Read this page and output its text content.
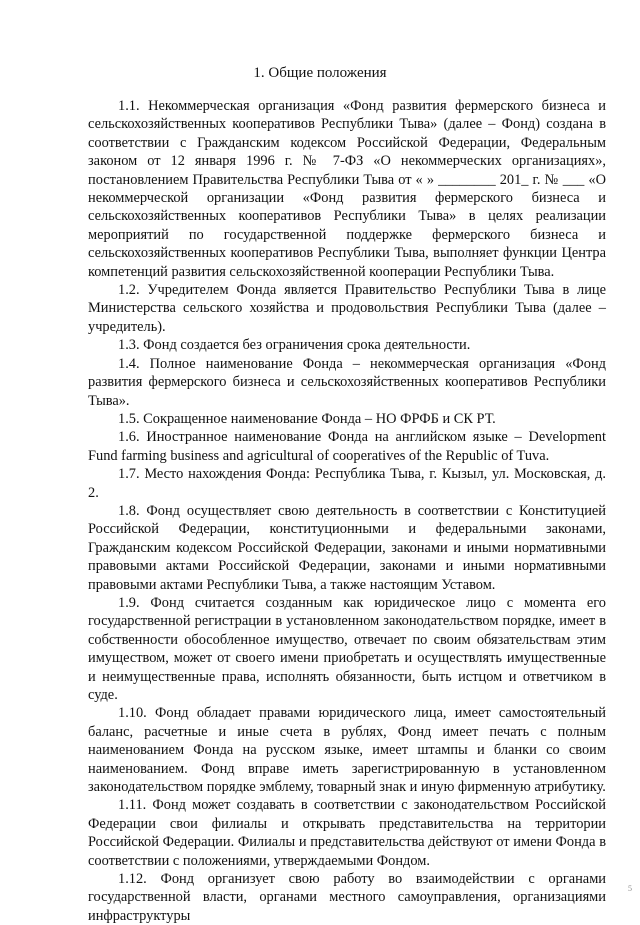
1. Общие положения

1.1. Некоммерческая организация «Фонд развития фермерского бизнеса и сельскохозяйственных кооперативов Республики Тыва» (далее – Фонд) создана в соответствии с Гражданским кодексом Российской Федерации, Федеральным законом от 12 января 1996 г. № 7-ФЗ «О некоммерческих организациях», постановлением Правительства Республики Тыва от « » ________ 201_ г. № ___ «О некоммерческой организации «Фонд развития фермерского бизнеса и сельскохозяйственных кооперативов Республики Тыва» в целях реализации мероприятий по государственной поддержке фермерского бизнеса и сельскохозяйственных кооперативов Республики Тыва, выполняет функции Центра компетенций развития сельскохозяйственной кооперации Республики Тыва.

1.2. Учредителем Фонда является Правительство Республики Тыва в лице Министерства сельского хозяйства и продовольствия Республики Тыва (далее – учредитель).

1.3. Фонд создается без ограничения срока деятельности.

1.4. Полное наименование Фонда – некоммерческая организация «Фонд развития фермерского бизнеса и сельскохозяйственных кооперативов Республики Тыва».

1.5. Сокращенное наименование Фонда – НО ФРФБ и СК РТ.

1.6. Иностранное наименование Фонда на английском языке – Development Fund farming business and agricultural of cooperatives of the Republic of Tuva.

1.7. Место нахождения Фонда: Республика Тыва, г. Кызыл, ул. Московская, д. 2.

1.8. Фонд осуществляет свою деятельность в соответствии с Конституцией Российской Федерации, конституционными и федеральными законами, Гражданским кодексом Российской Федерации, законами и иными нормативными правовыми актами Российской Федерации, законами и иными нормативными правовыми актами Республики Тыва, а также настоящим Уставом.

1.9. Фонд считается созданным как юридическое лицо с момента его государственной регистрации в установленном законодательством порядке, имеет в собственности обособленное имущество, отвечает по своим обязательствам этим имуществом, может от своего имени приобретать и осуществлять имущественные и неимущественные права, исполнять обязанности, быть истцом и ответчиком в суде.

1.10. Фонд обладает правами юридического лица, имеет самостоятельный баланс, расчетные и иные счета в рублях, Фонд имеет печать с полным наименованием Фонда на русском языке, имеет штампы и бланки со своим наименованием. Фонд вправе иметь зарегистрированную в установленном законодательством порядке эмблему, товарный знак и иную фирменную атрибутику.

1.11. Фонд может создавать в соответствии с законодательством Российской Федерации свои филиалы и открывать представительства на территории Российской Федерации. Филиалы и представительства действуют от имени Фонда в соответствии с положениями, утверждаемыми Фондом.

1.12. Фонд организует свою работу во взаимодействии с органами государственной власти, органами местного самоуправления, организациями инфраструктуры

5
